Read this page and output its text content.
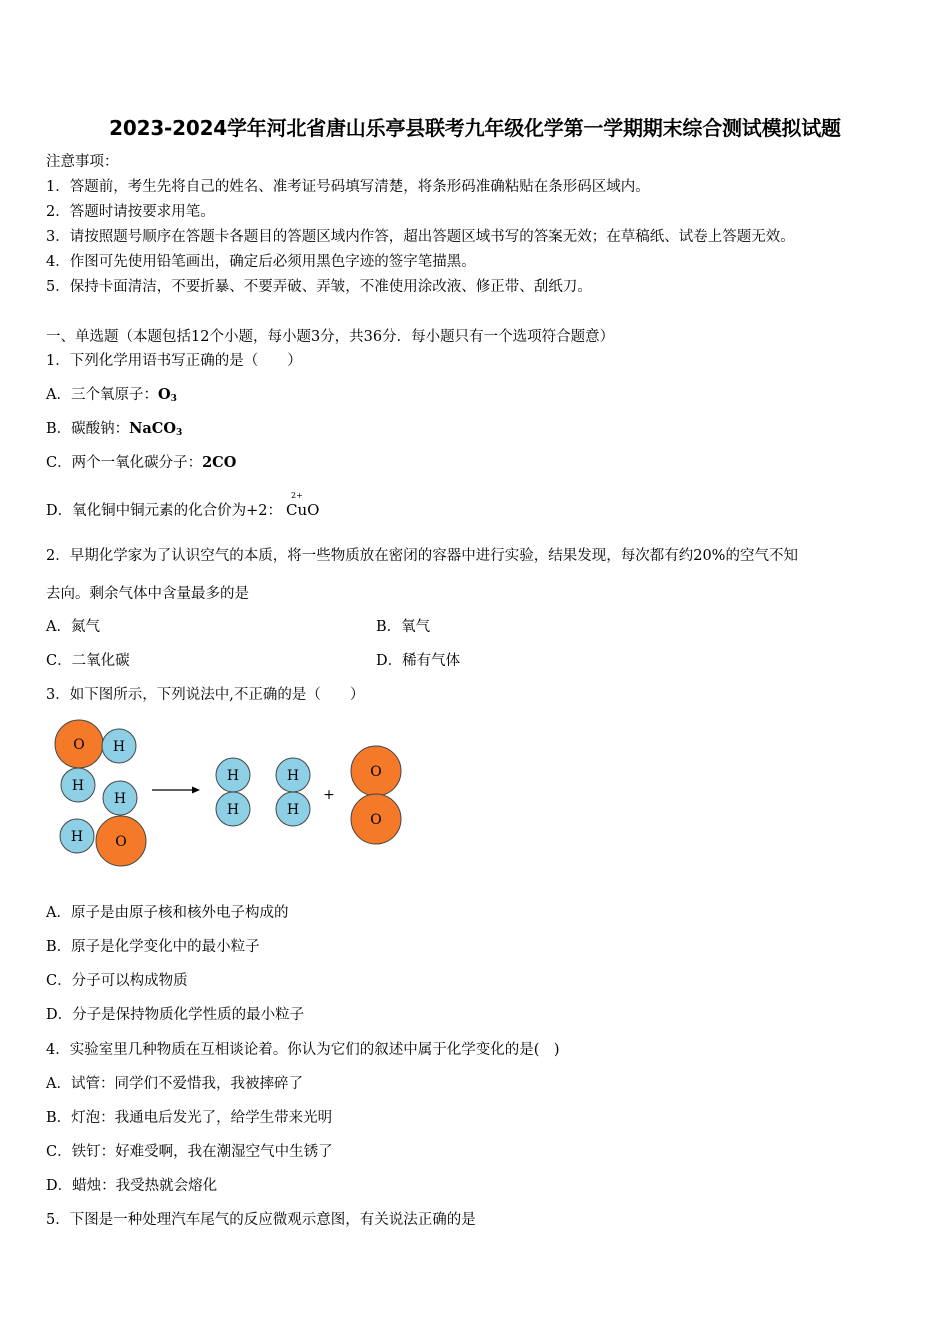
2023-2024学年河北省唐山乐亭县联考九年级化学第一学期期末综合测试模拟试题
注意事项：
1．答题前，考生先将自己的姓名、准考证号码填写清楚，将条形码准确粘贴在条形码区域内。
2．答题时请按要求用笔。
3．请按照题号顺序在答题卡各题目的答题区域内作答，超出答题区域书写的答案无效；在草稿纸、试卷上答题无效。
4．作图可先使用铅笔画出，确定后必须用黑色字迹的签字笔描黑。
5．保持卡面清洁，不要折暴、不要弄破、弄皱，不准使用涂改液、修正带、刮纸刀。
一、单选题（本题包括12个小题，每小题3分，共36分．每小题只有一个选项符合题意）
1．下列化学用语书写正确的是（　　）
A．三个氧原子：$O_3$
B．碳酸钠：NaCO$_3$
C．两个一氧化碳分子：2CO
D．氧化铜中铜元素的化合价为+2：
2+
CuO
2．早期化学家为了认识空气的本质，将一些物质放在密闭的容器中进行实验，结果发现，每次都有约20%的空气不知
去向。剩余气体中含量最多的是
A．氮气	B．氧气
C．二氧化碳	D．稀有气体
3．如下图所示，下列说法中,不正确的是（　　）
O H
H
H
H O
H
H
H
H
+
O
O
A．原子是由原子核和核外电子构成的
B．原子是化学变化中的最小粒子
C．分子可以构成物质
D．分子是保持物质化学性质的最小粒子
4．实验室里几种物质在互相谈论着。你认为它们的叙述中属于化学变化的是(　)
A．试管：同学们不爱惜我，我被摔碎了
B．灯泡：我通电后发光了，给学生带来光明
C．铁钉：好难受啊，我在潮湿空气中生锈了
D．蜡烛：我受热就会熔化
5．下图是一种处理汽车尾气的反应微观示意图，有关说法正确的是
